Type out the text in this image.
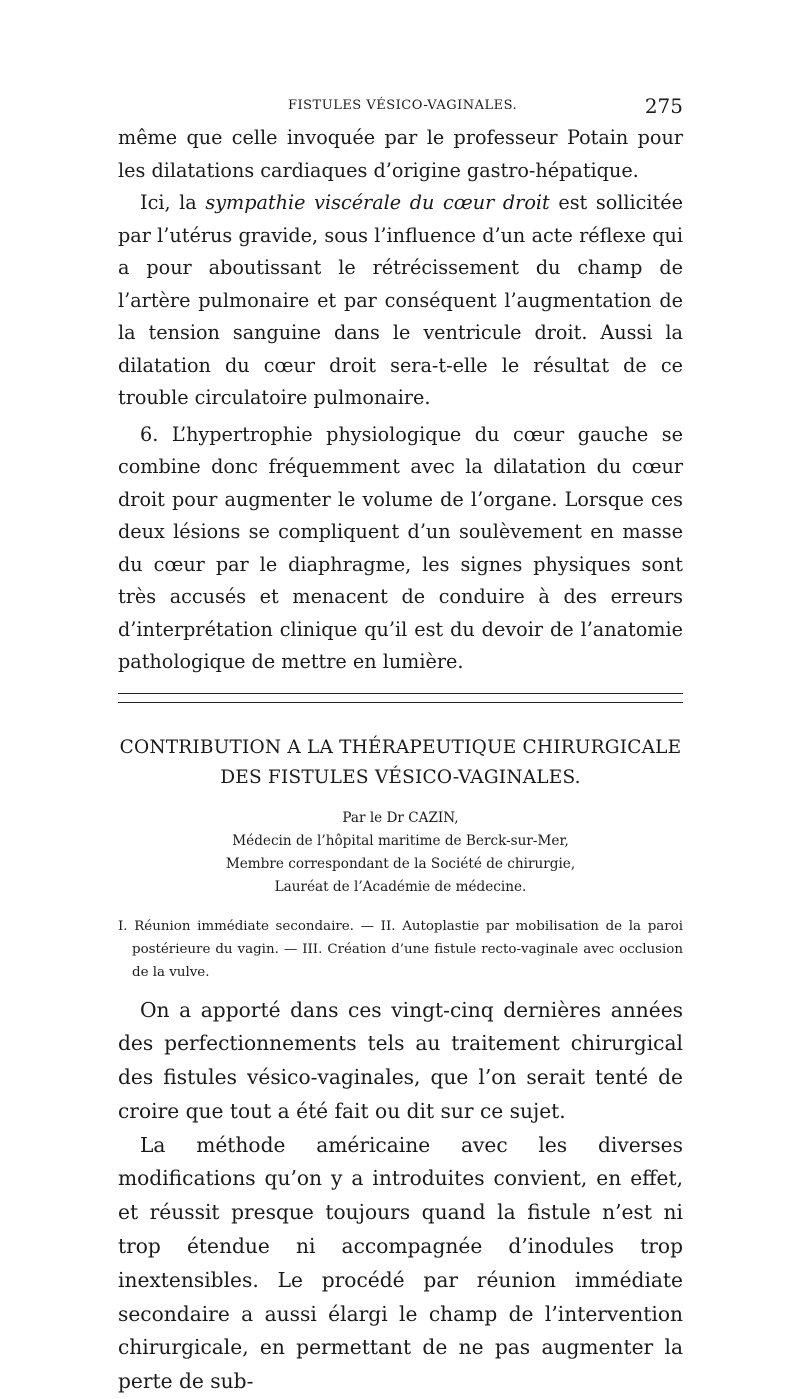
FISTULES VÉSICO-VAGINALES.	275

même que celle invoquée par le professeur Potain pour les dilatations cardiaques d’origine gastro-hépatique.

Ici, la sympathie viscérale du cœur droit est sollicitée par l’utérus gravide, sous l’influence d’un acte réflexe qui a pour aboutissant le rétrécissement du champ de l’artère pulmonaire et par conséquent l’augmentation de la tension sanguine dans le ventricule droit. Aussi la dilatation du cœur droit sera-t-elle le résultat de ce trouble circulatoire pulmonaire.

6. L’hypertrophie physiologique du cœur gauche se combine donc fréquemment avec la dilatation du cœur droit pour augmenter le volume de l’organe. Lorsque ces deux lésions se compliquent d’un soulèvement en masse du cœur par le diaphragme, les signes physiques sont très accusés et menacent de conduire à des erreurs d’interprétation clinique qu’il est du devoir de l’anatomie pathologique de mettre en lumière.

CONTRIBUTION A LA THÉRAPEUTIQUE CHIRURGICALE
DES FISTULES VÉSICO-VAGINALES.
Par le Dr CAZIN,
Médecin de l’hôpital maritime de Berck-sur-Mer,
Membre correspondant de la Société de chirurgie,
Lauréat de l’Académie de médecine.
I. Réunion immédiate secondaire. — II. Autoplastie par mobilisation de la paroi postérieure du vagin. — III. Création d’une fistule recto-vaginale avec occlusion de la vulve.

On a apporté dans ces vingt-cinq dernières années des perfectionnements tels au traitement chirurgical des fistules vésico-vaginales, que l’on serait tenté de croire que tout a été fait ou dit sur ce sujet.

La méthode américaine avec les diverses modifications qu’on y a introduites convient, en effet, et réussit presque toujours quand la fistule n’est ni trop étendue ni accompagnée d’inodules trop inextensibles. Le procédé par réunion immédiate secondaire a aussi élargi le champ de l’intervention chirurgicale, en permettant de ne pas augmenter la perte de sub-
